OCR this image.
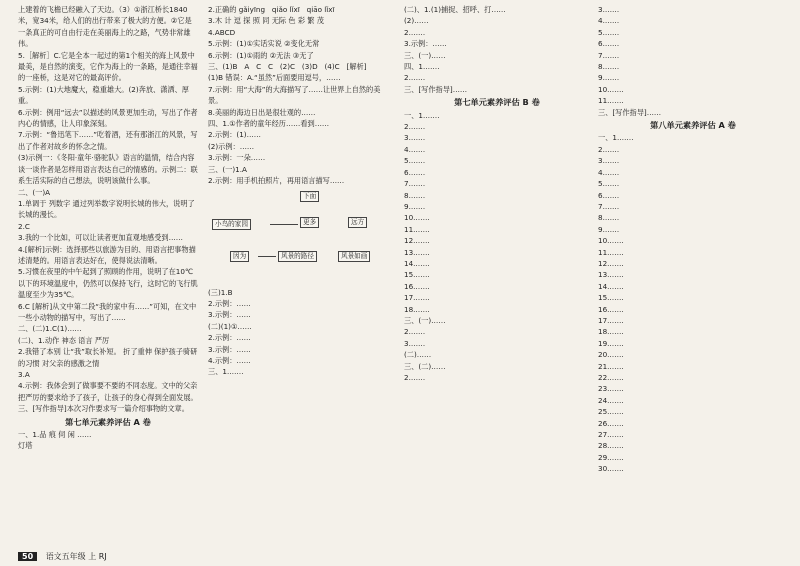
上建着的飞檐已经融入了天边。（3）①浙江桥长1840米，宽34米，给人们的出行带来了极大的方便。②它是一条真正的可自由行走在美丽海上的之路，气势非常雄伟。

5.［解析］C.它是全本一起过的第1个相关的海上风景中最美，是自然的演变，它作为海上的一条路，是通往幸福的一座桥，这是对它的最高评价。

5.示例：(1)大地魔大，稳重雄大。(2)奔放、潇洒、厚重。

6.示例：例用“远去”以描述的风景更加生动，写出了作者内心的情感，让人印象深刻。

7.示例：“鲁迅笔下……”吃着酒，还有那浙江的风景，写出了作者对故乡的怀念之情。

(3)示例一：《冬阳·童年·骆驼队》语言的温情，结合内容谈一谈作者是怎样用语言表达自己的情感的。示例二：联系生活实际的自己想法，说明该做什么事。

二、(一)A

1.单调于 列数字 通过列举数字说明长城的伟大，说明了长城的漫长。

2.C

3.我的一个比如，可以让读者更加直观地感受到……

4.[解析]示例：选择那些以旅游为目的、用语言把事物描述清楚的。用语言表达好在，使得说法清晰。

5.习惯在夜里的中午起到了照顾的作用，说明了在10℃以下的环境温度中，仍然可以保持飞行，这时它的飞行肌温度至少为35℃。

6.C [解析]从文中第二段“我的家中有……”可知，在文中一些小动物的描写中，写出了……

二、(二)1.C(1)……

(二)、1.动作 神态 语言 严厉

2.我错了本别 让“我”取长补短。 折了重伸 保护孩子骑研的习惯 对父亲的感激之情

3.A

4.示例：我体会到了做事要不要的不同态度。文中的父亲把严厉的要求给予了孩子，让孩子的身心得到全面发展。

三、[写作指导]本次习作要求写一篇介绍事物的文章。

第七单元素养评估 A 卷

一、1.品 痕 伺 闲 ……

灯塔

2.正确的 gǎiyīng   qiǎo lǐxī   qiāo lǐxī

3.木 计 逗 探 照 同 无际 色 彩 繁 茂

4.ABCD

5.示例：(1)①实话实说 ②变化无常

6.示例：(1)①雨的 ②无法 ③无了

三、(1)B   A   C   C   (2)C   (3)D   (4)C   [解析]

(1)B 错误：A.“虽然”后面要用逗号，……

7.示例：用“大海”的大海描写了……让世界上自然的美景。

8.美丽的海边日出是很壮观的……

四、1.①作者的童年经历……看到……

2.示例：(1)……

(2)示例：……

3.示例：一朵……

三、(一)1.A

2.示例：用手机拍照片，再用语言描写……

下面
小鸟的家园	更多	远方
因为	风景的路径	风景如画

(三)1.B

2.示例：……

3.示例：……

(二)(1)①……

2.示例：……

3.示例：……

4.示例：……

三、1.……

(二)、1.(1)捕捉、招呼、打……

(2)……

2.……

3.示例：……

三、(一)……

四、1.……

2.……

三、[写作指导]……

第七单元素养评估 B 卷

一、1.……

2.……

3.……

4.……

5.……

6.……

7.……

8.……

9.……

10.……

11.……

12.……

13.……

14.……

15.……

16.……

17.……

18.……

三、(一)……

2.……

3.……

(二)……

三、(二)……

2.……

3.……

4.……

5.……

6.……

7.……

8.……

9.……

10.……

11.……

三、[写作指导]……

第八单元素养评估 A 卷

一、1.……

2.……

3.……

4.……

5.……

6.……

7.……

8.……

9.……

10.……

11.……

12.……

13.……

14.……

15.……

16.……

17.……

18.……

19.……

20.……

21.……

22.……

23.……

24.……

25.……

26.……

27.……

28.……

29.……

30.……

50 语文五年级 上 RJ
